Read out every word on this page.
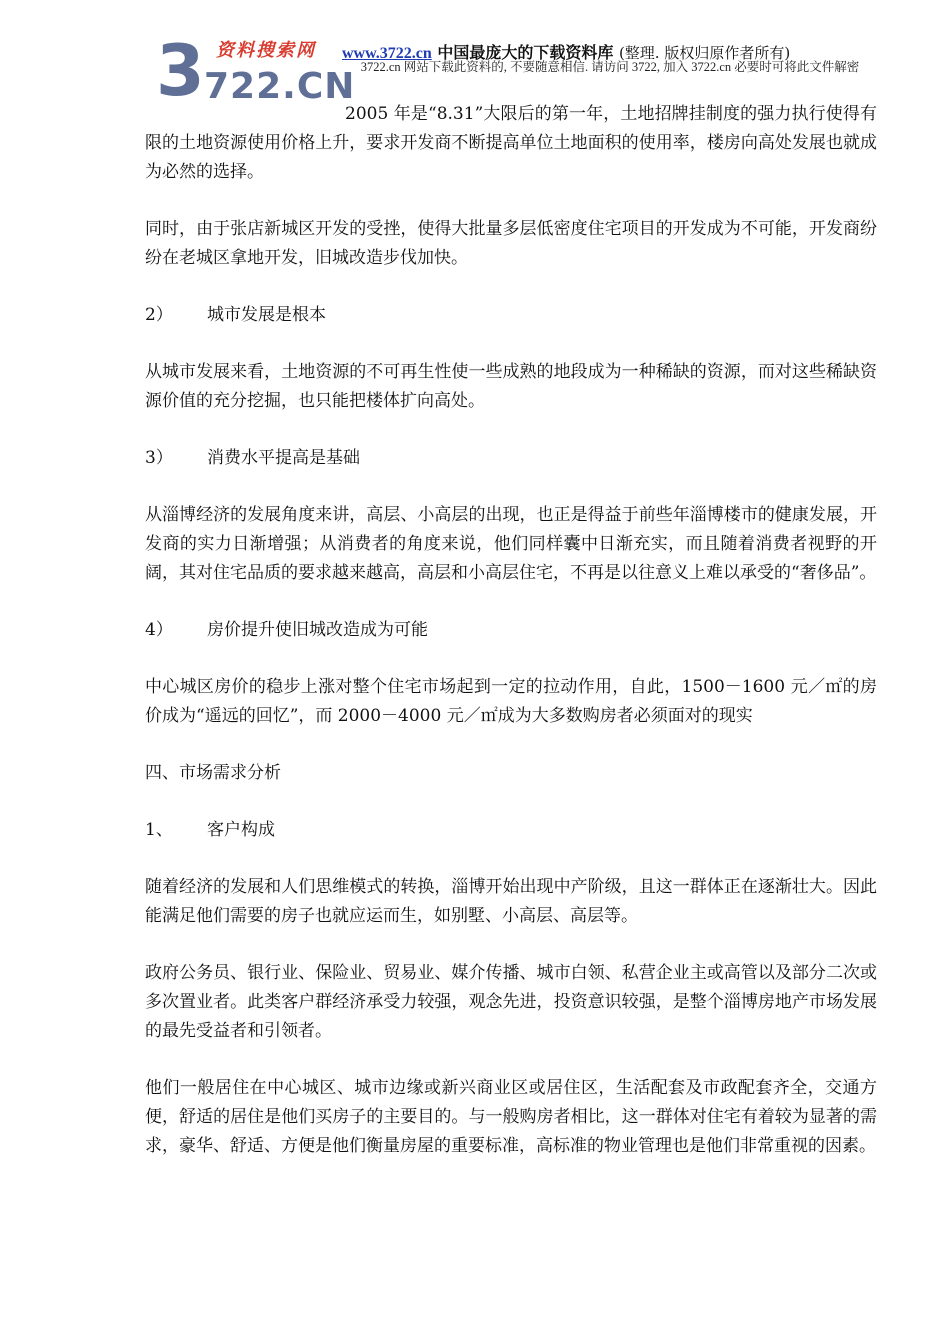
3 资料搜索网
722.CN
www.3722.cn 中国最庞大的下载资料库 (整理. 版权归原作者所有)
3722.cn 网站下载此资料的, 不要随意相信. 请访问 3722, 加入 3722.cn 必要时可将此文件解密

2005 年是“8.31”大限后的第一年，土地招牌挂制度的强力执行使得有限的土地资源使用价格上升，要求开发商不断提高单位土地面积的使用率，楼房向高处发展也就成为必然的选择。

同时，由于张店新城区开发的受挫，使得大批量多层低密度住宅项目的开发成为不可能，开发商纷纷在老城区拿地开发，旧城改造步伐加快。

2） 城市发展是根本

从城市发展来看，土地资源的不可再生性使一些成熟的地段成为一种稀缺的资源，而对这些稀缺资源价值的充分挖掘，也只能把楼体扩向高处。

3） 消费水平提高是基础

从淄博经济的发展角度来讲，高层、小高层的出现，也正是得益于前些年淄博楼市的健康发展，开发商的实力日渐增强；从消费者的角度来说，他们同样囊中日渐充实，而且随着消费者视野的开阔，其对住宅品质的要求越来越高，高层和小高层住宅，不再是以往意义上难以承受的“奢侈品”。

4） 房价提升使旧城改造成为可能

中心城区房价的稳步上涨对整个住宅市场起到一定的拉动作用，自此，1500－1600 元／㎡的房价成为“遥远的回忆”，而 2000－4000 元／㎡成为大多数购房者必须面对的现实

四、市场需求分析

1、 客户构成

随着经济的发展和人们思维模式的转换，淄博开始出现中产阶级，且这一群体正在逐渐壮大。因此能满足他们需要的房子也就应运而生，如别墅、小高层、高层等。

政府公务员、银行业、保险业、贸易业、媒介传播、城市白领、私营企业主或高管以及部分二次或多次置业者。此类客户群经济承受力较强，观念先进，投资意识较强，是整个淄博房地产市场发展的最先受益者和引领者。

他们一般居住在中心城区、城市边缘或新兴商业区或居住区，生活配套及市政配套齐全，交通方便，舒适的居住是他们买房子的主要目的。与一般购房者相比，这一群体对住宅有着较为显著的需求，豪华、舒适、方便是他们衡量房屋的重要标准，高标准的物业管理也是他们非常重视的因素。
